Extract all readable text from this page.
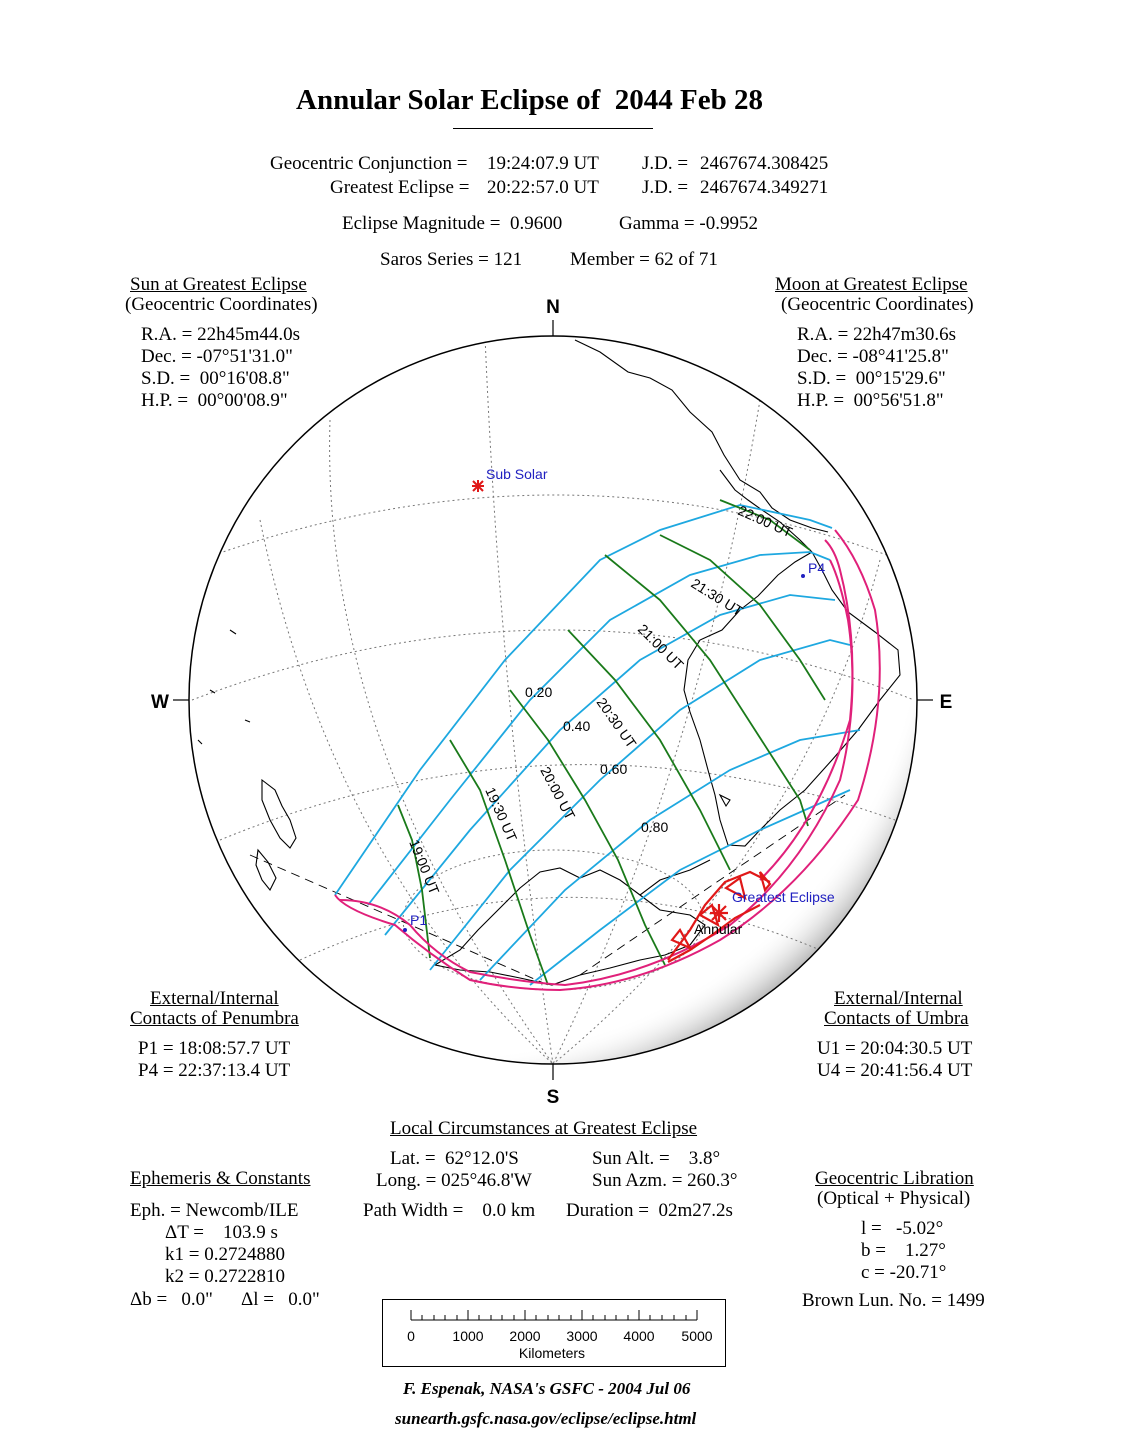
Annular Solar Eclipse of  2044 Feb 28
Geocentric Conjunction = 19:24:07.9 UT J.D. = 2467674.308425
Greatest Eclipse = 20:22:57.0 UT J.D. = 2467674.349271
Eclipse Magnitude =  0.9600	Gamma = -0.9952
Saros Series = 121	Member = 62 of 71
Sun at Greatest Eclipse
(Geocentric Coordinates)
R.A. = 22h45m44.0s
Dec. = -07°51'31.0"
S.D. =  00°16'08.8"
H.P. =  00°00'08.9"
Moon at Greatest Eclipse
(Geocentric Coordinates)
R.A. = 22h47m30.6s
Dec. = -08°41'25.8"
S.D. =  00°15'29.6"
H.P. =  00°56'51.8"
N
S
E
W
Sub Solar
P1
P4
Greatest Eclipse
Annular
0.20
0.40
0.60
0.80
19:00 UT
19:30 UT 20:00 UT
20:30 UT
21:00 UT
21:30 UT
22:00 UT
External/Internal
Contacts of Penumbra
P1 = 18:08:57.7 UT
P4 = 22:37:13.4 UT
External/Internal
Contacts of Umbra
U1 = 20:04:30.5 UT
U4 = 20:41:56.4 UT
Local Circumstances at Greatest Eclipse
Lat. =  62°12.0'S
Long. = 025°46.8'W
Sun Alt. =    3.8°
Sun Azm. = 260.3°
Path Width =    0.0 km Duration =  02m27.2s
Ephemeris & Constants
Eph. = Newcomb/ILE
ΔT =    103.9 s
k1 = 0.2724880
k2 = 0.2722810
Δb =   0.0" Δl =   0.0"
Geocentric Libration
(Optical + Physical)
l =   -5.02°
b =    1.27°
c = -20.71°
Brown Lun. No. = 1499
0	1000 2000 3000 4000 5000
Kilometers
F. Espenak, NASA's GSFC - 2004 Jul 06
sunearth.gsfc.nasa.gov/eclipse/eclipse.html
